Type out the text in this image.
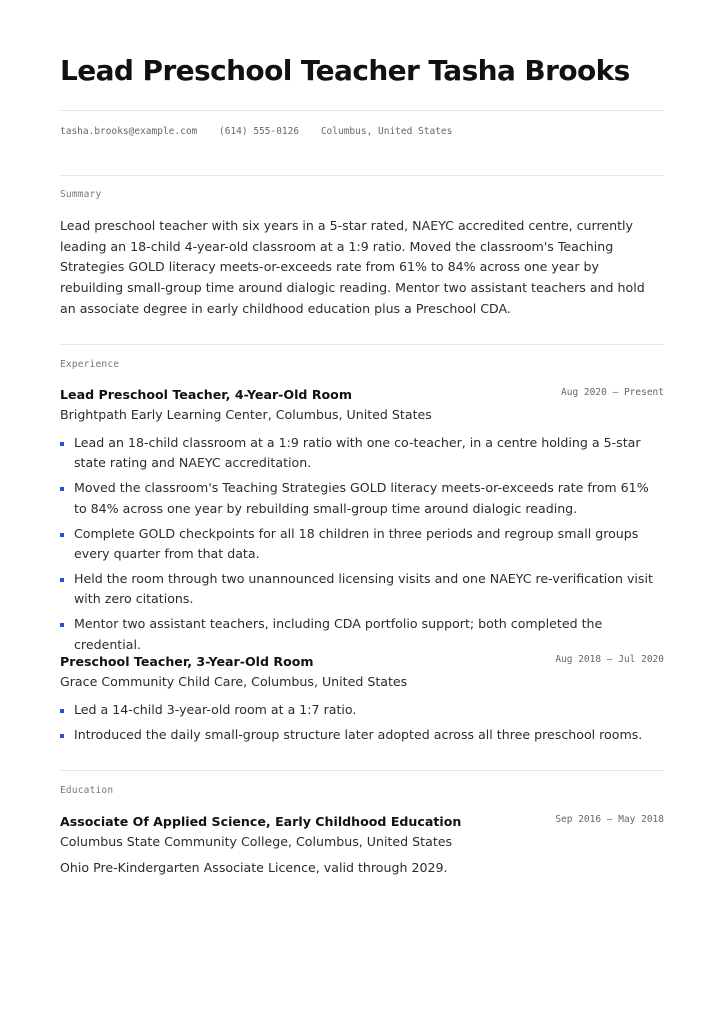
Lead Preschool Teacher Tasha Brooks
tasha.brooks@example.com (614) 555-0126 Columbus, United States
Summary

Lead preschool teacher with six years in a 5-star rated, NAEYC accredited centre, currently leading an 18-child 4-year-old classroom at a 1:9 ratio. Moved the classroom's Teaching Strategies GOLD literacy meets-or-exceeds rate from 61% to 84% across one year by rebuilding small-group time around dialogic reading. Mentor two assistant teachers and hold an associate degree in early childhood education plus a Preschool CDA.

Experience
Lead Preschool Teacher, 4-Year-Old Room	Aug 2020 – Present
Brightpath Early Learning Center, Columbus, United States
Lead an 18-child classroom at a 1:9 ratio with one co-teacher, in a centre holding a 5-star state rating and NAEYC accreditation.
Moved the classroom's Teaching Strategies GOLD literacy meets-or-exceeds rate from 61% to 84% across one year by rebuilding small-group time around dialogic reading.
Complete GOLD checkpoints for all 18 children in three periods and regroup small groups every quarter from that data.
Held the room through two unannounced licensing visits and one NAEYC re-verification visit with zero citations.
Mentor two assistant teachers, including CDA portfolio support; both completed the credential.
Preschool Teacher, 3-Year-Old Room	Aug 2018 – Jul 2020
Grace Community Child Care, Columbus, United States
Led a 14-child 3-year-old room at a 1:7 ratio.
Introduced the daily small-group structure later adopted across all three preschool rooms.
Education
Associate Of Applied Science, Early Childhood Education	Sep 2016 – May 2018
Columbus State Community College, Columbus, United States
Ohio Pre-Kindergarten Associate Licence, valid through 2029.
